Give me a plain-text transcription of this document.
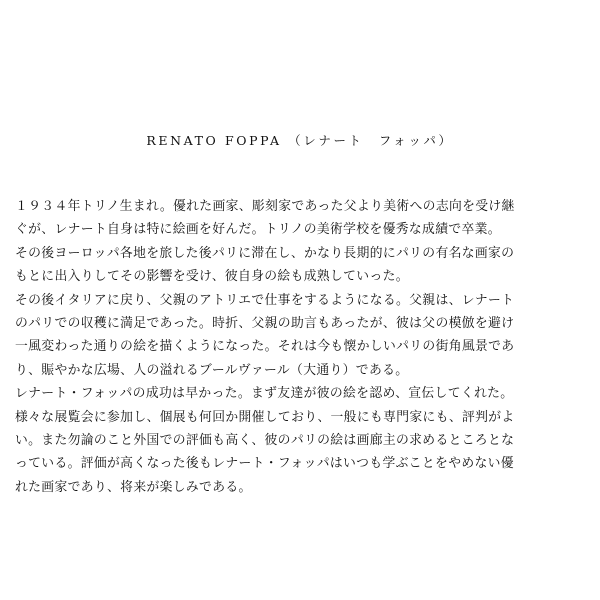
RENATO FOPPA （レナート　フォッパ）
１９３４年トリノ生まれ。優れた画家、彫刻家であった父より美術への志向を受け継
ぐが、レナート自身は特に絵画を好んだ。トリノの美術学校を優秀な成績で卒業。
その後ヨーロッパ各地を旅した後パリに滞在し、かなり長期的にパリの有名な画家の
もとに出入りしてその影響を受け、彼自身の絵も成熟していった。
その後イタリアに戻り、父親のアトリエで仕事をするようになる。父親は、レナート
のパリでの収穫に満足であった。時折、父親の助言もあったが、彼は父の模倣を避け
一風変わった通りの絵を描くようになった。それは今も懐かしいパリの街角風景であ
り、賑やかな広場、人の溢れるブールヴァール（大通り）である。
レナート・フォッパの成功は早かった。まず友達が彼の絵を認め、宣伝してくれた。
様々な展覧会に参加し、個展も何回か開催しており、一般にも専門家にも、評判がよ
い。また勿論のこと外国での評価も高く、彼のパリの絵は画廊主の求めるところとな
っている。評価が高くなった後もレナート・フォッパはいつも学ぶことをやめない優
れた画家であり、将来が楽しみである。
